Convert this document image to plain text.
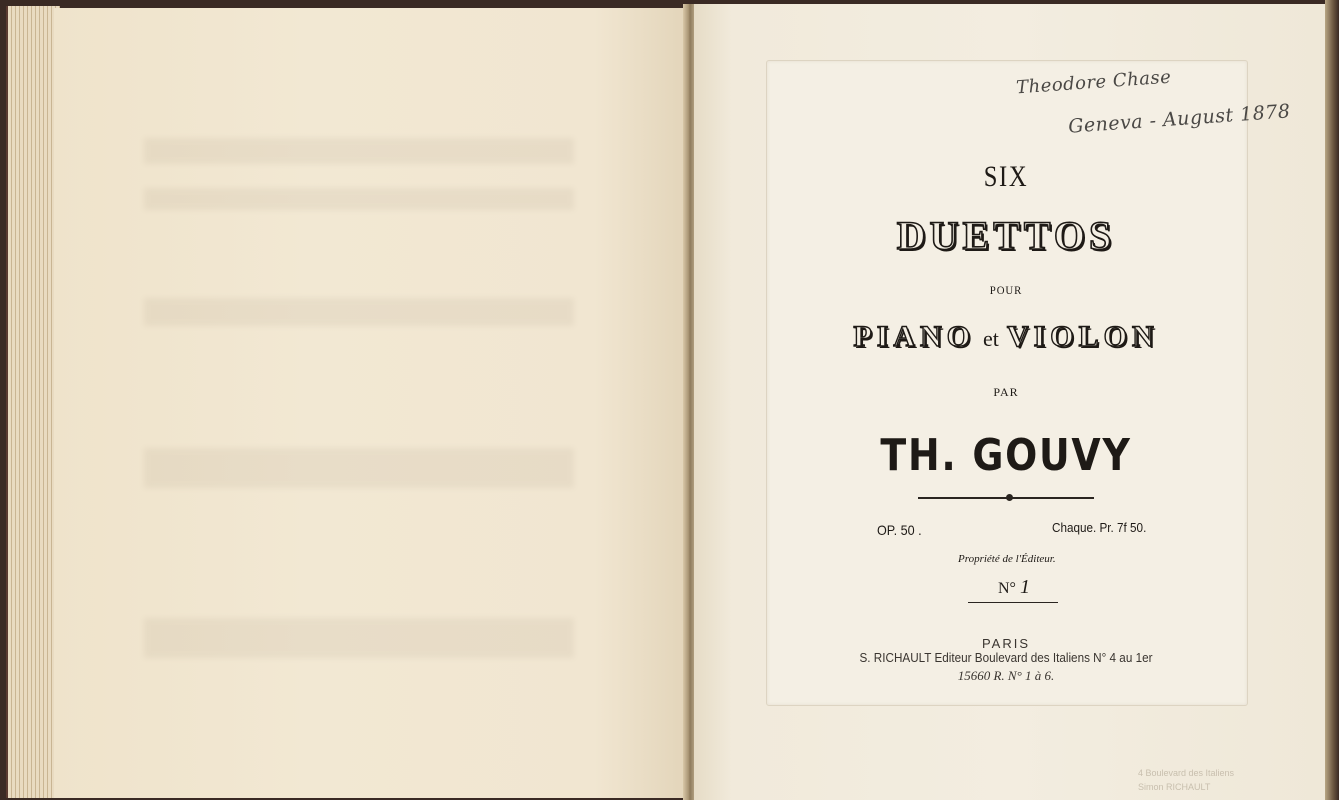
Theodore Chase
Geneva - August 1878
SIX
DUETTOS
POUR
PIANO et VIOLON
PAR
TH. GOUVY
PARIS
S. RICHAULT Editeur Boulevard des Italiens N° 4 au 1er
15660 R. N° 1 à 6.
OP. 50 .	Chaque. Pr. 7f 50.
Propriété de l'Éditeur.
N° 1
4 Boulevard des Italiens
Simon RICHAULT
